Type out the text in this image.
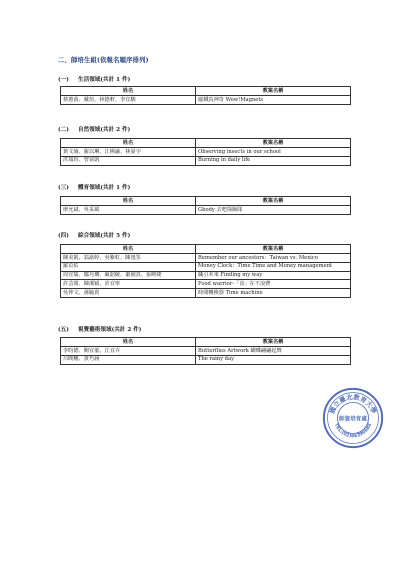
二、師培生組(依報名順序排列)
(一) 生活領域(共計 1 件)
姓名	教案名稱
蔡蕙茵、戴瑄、林德軒、李宜駿	磁鐵真神奇 Wow!Magnets
(二) 自然領域(共計 2 件)
姓名	教案名稱
黃文瑜、羅以琳、江俐諭、林晏宇	Observing insects in our school
洪瑞瑄、曾富凱	Burning in daily life
(三) 體育領域(共計 1 件)
姓名	教案名稱
廖允斌、吳采風	Gbody 去吧探險隊
(四) 綜合領域(共計 5 件)
姓名	教案名稱
陳美凱、翁渝婷、吳紫虹、陳逸筌	Remember our ancestors：Taiwan vs. Mexico
羅苡佑	Money Clock：Time Time and Money management
周宜儒、鄒丹璘、嚴韶綾、蕭園真、張曉婕	職引未來 Finding my way
許芸閔、陳潔穎、許宜寧	Food warrior-「食」在不浪費
吳仲文、孫毓貴	時間轉換器 Time machine
(五) 視覺藝術領域(共計 2 件)
姓名	教案名稱
李昀德、闕宜蓁、江宜卉	Butterflies Artwork 蝴蝶翩翩起舞
呂映穗、黃巧涵	The rainy day
國立臺北教育大學
TEL:(02)66396688
師資培育處
